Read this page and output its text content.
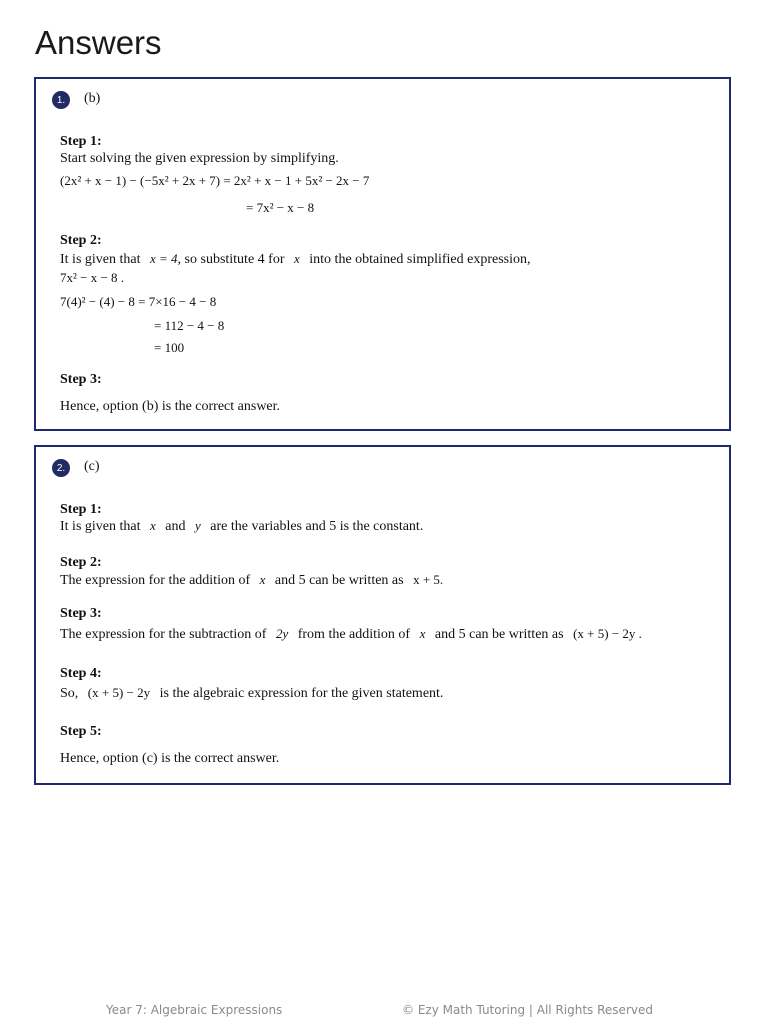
Answers
1.	(b)
Step 1:
Start solving the given expression by simplifying.
(2x² + x − 1) − (−5x² + 2x + 7) = 2x² + x − 1 + 5x² − 2x − 7
= 7x² − x − 8
Step 2:
It is given that x = 4, so substitute 4 for x into the obtained simplified expression,
7x² − x − 8 .
7(4)² − (4) − 8 = 7×16 − 4 − 8
= 112 − 4 − 8
= 100
Step 3:
Hence, option (b) is the correct answer.
2.	(c)
Step 1:
It is given that x and y are the variables and 5 is the constant.
Step 2:
The expression for the addition of x and 5 can be written as x + 5.
Step 3:
The expression for the subtraction of 2y from the addition of x and 5 can be written as (x + 5) − 2y .
Step 4:
So, (x + 5) − 2y is the algebraic expression for the given statement.
Step 5:
Hence, option (c) is the correct answer.
Year 7: Algebraic Expressions	© Ezy Math Tutoring | All Rights Reserved
